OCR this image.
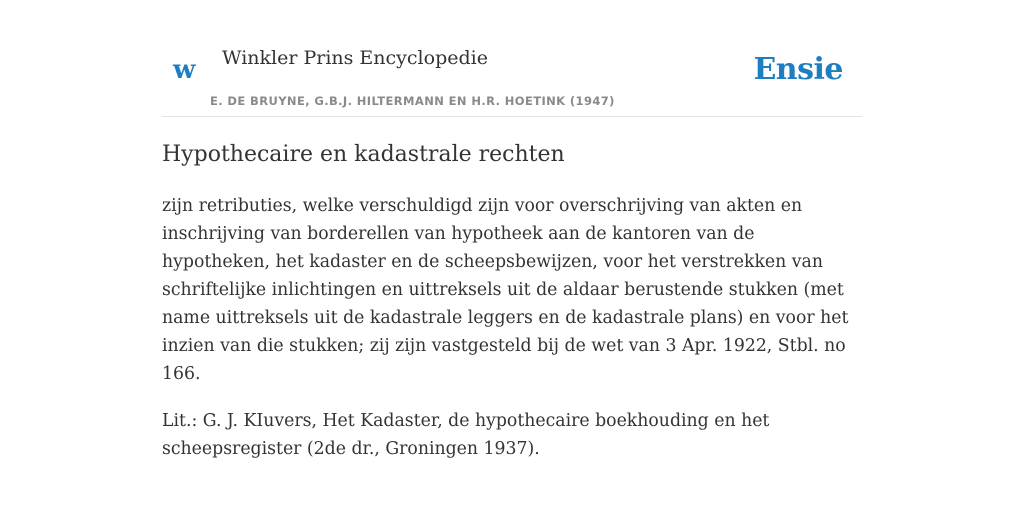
w Winkler Prins Encyclopedie
E. DE BRUYNE, G.B.J. HILTERMANN EN H.R. HOETINK (1947)
Ensie
Hypothecaire en kadastrale rechten

zijn retributies, welke verschuldigd zijn voor overschrijving van akten en inschrijving van borderellen van hypotheek aan de kantoren van de hypotheken, het kadaster en de scheepsbewijzen, voor het verstrekken van schriftelijke inlichtingen en uittreksels uit de aldaar berustende stukken (met name uittreksels uit de kadastrale leggers en de kadastrale plans) en voor het inzien van die stukken; zij zijn vastgesteld bij de wet van 3 Apr. 1922, Stbl. no 166.

Lit.: G. J. KIuvers, Het Kadaster, de hypothecaire boekhouding en het scheepsregister (2de dr., Groningen 1937).
